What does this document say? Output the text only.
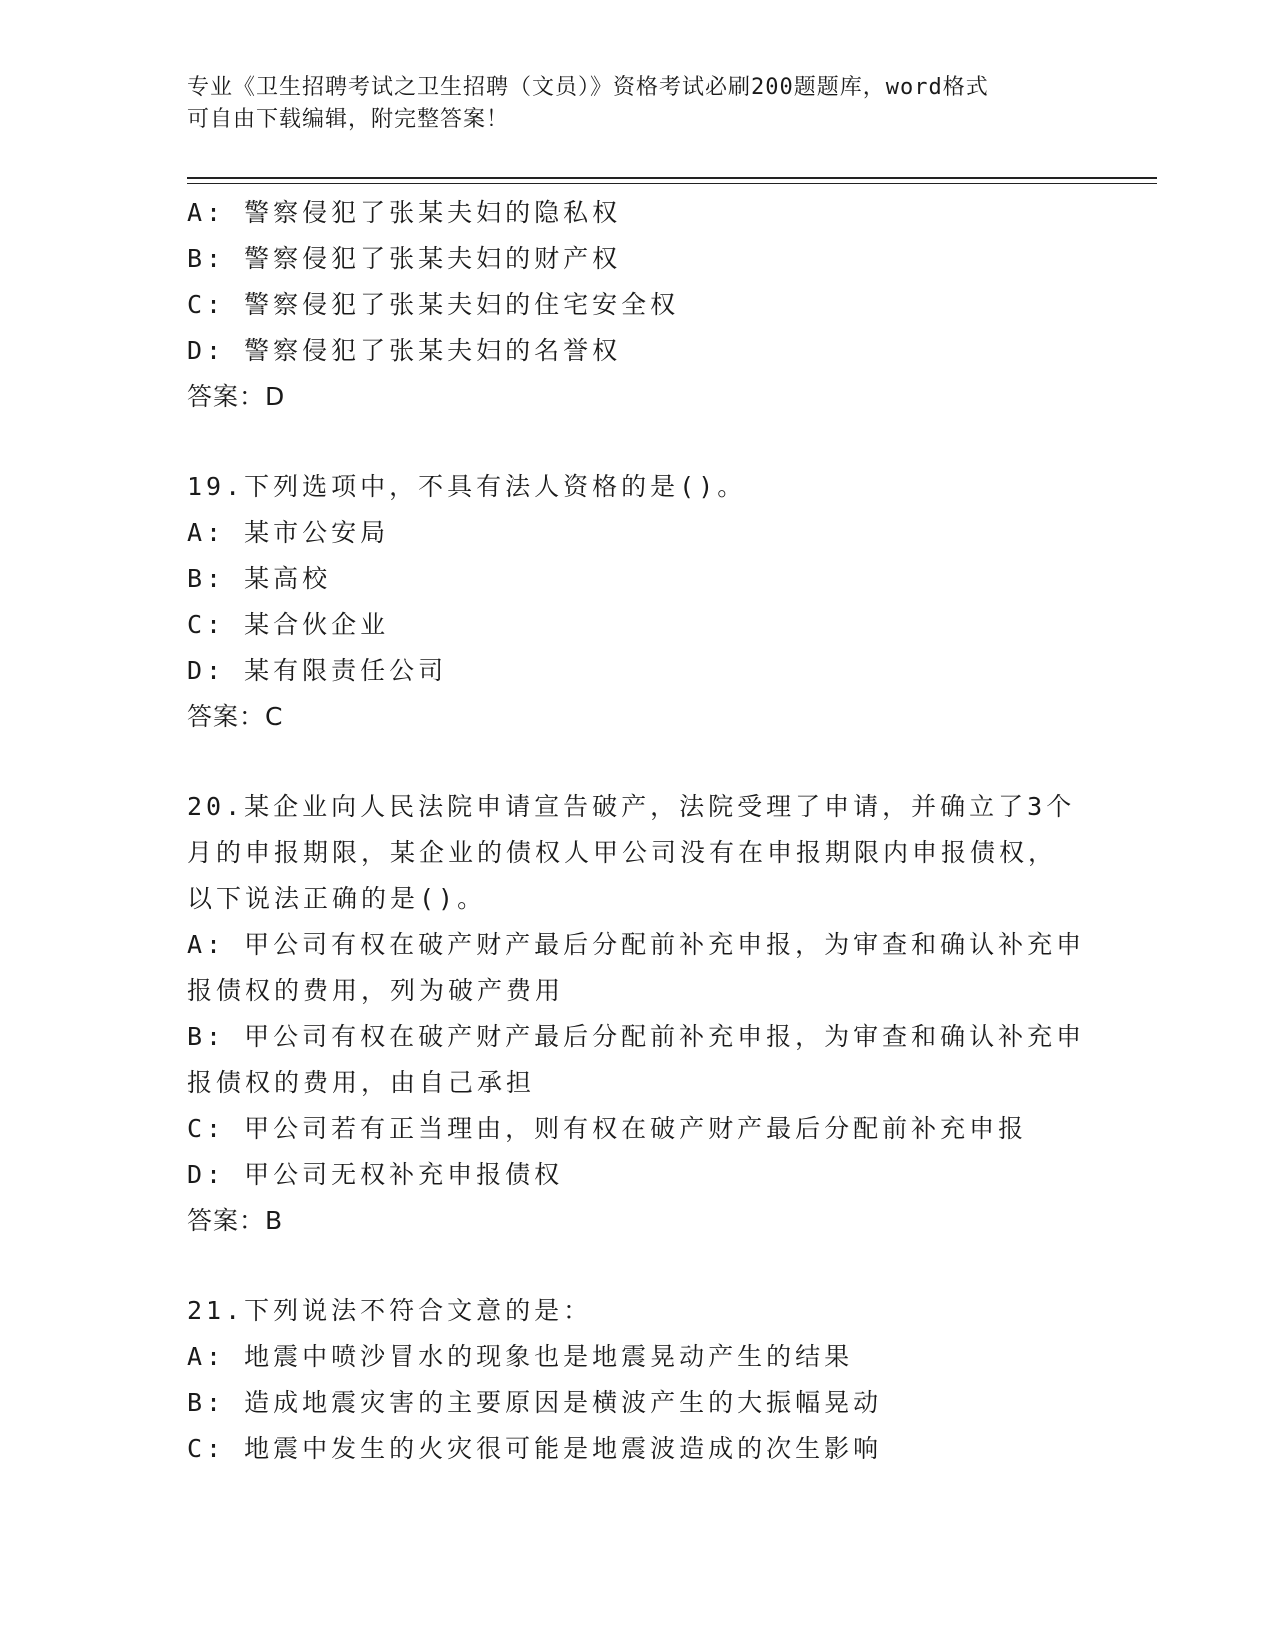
专业《卫生招聘考试之卫生招聘（文员）》资格考试必刷200题题库，word格式
可自由下载编辑，附完整答案！
A: 警察侵犯了张某夫妇的隐私权
B: 警察侵犯了张某夫妇的财产权
C: 警察侵犯了张某夫妇的住宅安全权
D: 警察侵犯了张某夫妇的名誉权
答案：D
19.下列选项中，不具有法人资格的是()。
A: 某市公安局
B: 某高校
C: 某合伙企业
D: 某有限责任公司
答案：C
20.某企业向人民法院申请宣告破产，法院受理了申请，并确立了3个
月的申报期限，某企业的债权人甲公司没有在申报期限内申报债权，
以下说法正确的是()。
A: 甲公司有权在破产财产最后分配前补充申报，为审查和确认补充申
报债权的费用，列为破产费用
B: 甲公司有权在破产财产最后分配前补充申报，为审查和确认补充申
报债权的费用，由自己承担
C: 甲公司若有正当理由，则有权在破产财产最后分配前补充申报
D: 甲公司无权补充申报债权
答案：B
21.下列说法不符合文意的是：
A: 地震中喷沙冒水的现象也是地震晃动产生的结果
B: 造成地震灾害的主要原因是横波产生的大振幅晃动
C: 地震中发生的火灾很可能是地震波造成的次生影响
